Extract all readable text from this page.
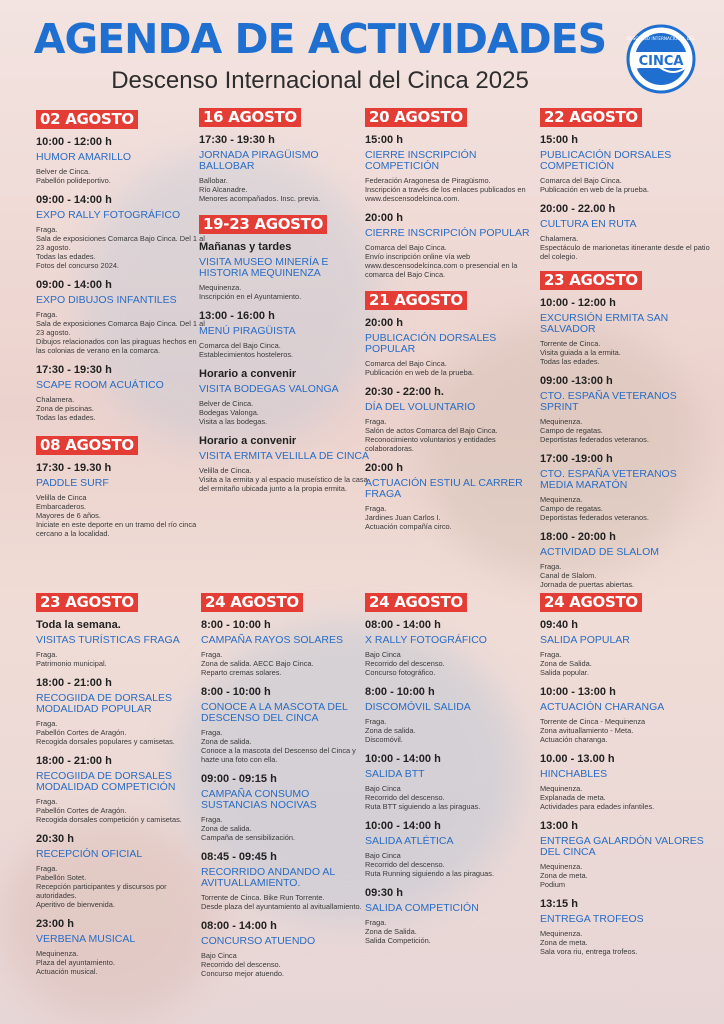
AGENDA DE ACTIVIDADES
Descenso Internacional del Cinca 2025
CINCA
DESCENSO INTERNACIONAL DEL
02 AGOSTO
10:00 - 12:00 h
HUMOR AMARILLO
Belver de Cinca.
Pabellón polideportivo.
09:00 - 14:00 h
EXPO RALLY FOTOGRÁFICO
Fraga.
Sala de exposiciones Comarca Bajo Cinca. Del 1 al 23 agosto.
Todas las edades.
Fotos del concurso 2024.
09:00 - 14:00 h
EXPO DIBUJOS INFANTILES
Fraga.
Sala de exposiciones Comarca Bajo Cinca. Del 1 al 23 agosto.
Dibujos relacionados con las piraguas hechos en las colonias de verano en la comarca.
17:30 - 19:30 h
SCAPE ROOM ACUÁTICO
Chalamera.
Zona de piscinas.
Todas las edades.
08 AGOSTO
17:30 - 19.30 h
PADDLE SURF
Velilla de Cinca
Embarcaderos.
Mayores de 6 años.
Iniciate en este deporte en un tramo del río cinca cercano a la localidad.
16 AGOSTO
17:30 - 19:30 h
JORNADA PIRAGÜISMO BALLOBAR
Ballobar.
Río Alcanadre.
Menores acompañados. Insc. previa.
19-23 AGOSTO
Mañanas y tardes
VISITA MUSEO MINERÍA E HISTORIA MEQUINENZA
Mequinenza.
Inscripción en el Ayuntamiento.
13:00 - 16:00 h
MENÚ PIRAGÜISTA
Comarca del Bajo Cinca.
Establecimientos hosteleros.
Horario a convenir
VISITA BODEGAS VALONGA
Belver de Cinca.
Bodegas Valonga.
Visita a las bodegas.
Horario a convenir
VISITA ERMITA VELILLA DE CINCA
Velilla de Cinca.
Visita a la ermita y al espacio museístico de la casa del ermitaño ubicada junto a la propia ermita.
20 AGOSTO
15:00 h
CIERRE INSCRIPCIÓN COMPETICIÓN
Federación Aragonesa de Piragüismo.
Inscripción a través de los enlaces publicados en
www.descensodelcinca.com.
20:00 h
CIERRE INSCRIPCIÓN POPULAR
Comarca del Bajo Cinca.
Envío inscripción online vía web www.descensodelcinca.com o presencial en la comarca del Bajo Cinca.
21 AGOSTO
20:00 h
PUBLICACIÓN DORSALES POPULAR
Comarca del Bajo Cinca.
Publicación en web de la prueba.
20:30 - 22:00 h.
DÍA DEL VOLUNTARIO
Fraga.
Salón de actos Comarca del Bajo Cinca.
Reconocimiento voluntarios y entidades colaboradoras.
20:00 h
ACTUACIÓN ESTIU AL CARRER FRAGA
Fraga.
Jardines Juan Carlos I.
Actuación compañía circo.
22 AGOSTO
15:00 h
PUBLICACIÓN DORSALES COMPETICIÓN
Comarca del Bajo Cinca.
Publicación en web de la prueba.
20:00 - 22.00 h
CULTURA EN RUTA
Chalamera.
Espectáculo de marionetas itinerante desde el patio del colegio.
23 AGOSTO
10:00 - 12:00 h
EXCURSIÓN ERMITA SAN SALVADOR
Torrente de Cinca.
Visita guiada a la ermita.
Todas las edades.
09:00 -13:00 h
CTO. ESPAÑA VETERANOS SPRINT
Mequinenza.
Campo de regatas.
Deportistas federados veteranos.
17:00 -19:00 h
CTO. ESPAÑA VETERANOS MEDIA MARATÓN
Mequinenza.
Campo de regatas.
Deportistas federados veteranos.
18:00 - 20:00 h
ACTIVIDAD DE SLALOM
Fraga.
Canal de Slalom.
Jornada de puertas abiertas.
23 AGOSTO
Toda la semana.
VISITAS TURÍSTICAS FRAGA
Fraga.
Patrimonio municipal.
18:00 - 21:00 h
RECOGIIDA DE DORSALES MODALIDAD POPULAR
Fraga.
Pabellón Cortes de Aragón.
Recogida dorsales populares y camisetas.
18:00 - 21:00 h
RECOGIIDA DE DORSALES MODALIDAD COMPETICIÓN
Fraga.
Pabellón Cortes de Aragón.
Recogida dorsales competición y camisetas.
20:30 h
RECEPCIÓN OFICIAL
Fraga.
Pabellón Sotet.
Recepción participantes y discursos por autoridades.
Aperitivo de bienvenida.
23:00 h
VERBENA MUSICAL
Mequinenza.
Plaza del ayuntamiento.
Actuación musical.
24 AGOSTO
8:00 - 10:00 h
CAMPAÑA RAYOS SOLARES
Fraga.
Zona de salida. AECC Bajo Cinca.
Reparto cremas solares.
8:00 - 10:00 h
CONOCE A LA MASCOTA DEL DESCENSO DEL CINCA
Fraga.
Zona de salida.
Conoce a la mascota del Descenso del Cinca y hazte una foto con ella.
09:00 - 09:15 h
CAMPAÑA CONSUMO SUSTANCIAS NOCIVAS
Fraga.
Zona de salida.
Campaña de sensibilización.
08:45 - 09:45 h
RECORRIDO ANDANDO AL AVITUALLAMIENTO.
Torrente de Cinca. Bike Run Torrente.
Desde plaza del ayuntamiento al avituallamiento.
08:00 - 14:00 h
CONCURSO ATUENDO
Bajo Cinca
Recorrido del descenso.
Concurso mejor atuendo.
24 AGOSTO
08:00 - 14:00 h
X RALLY FOTOGRÁFICO
Bajo Cinca
Recorrido del descenso.
Concurso fotográfico.
8:00 - 10:00 h
DISCOMÓVIL SALIDA
Fraga.
Zona de salida.
Discomóvil.
10:00 - 14:00 h
SALIDA BTT
Bajo Cinca
Recorrido del descenso.
Ruta BTT siguiendo a las piraguas.
10:00 - 14:00 h
SALIDA ATLÉTICA
Bajo Cinca
Recorrido del descenso.
Ruta Running siguiendo a las piraguas.
09:30 h
SALIDA COMPETICIÓN
Fraga.
Zona de Salida.
Salida Competición.
24 AGOSTO
09:40 h
SALIDA POPULAR
Fraga.
Zona de Salida.
Salida popular.
10:00 - 13:00 h
ACTUACIÓN CHARANGA
Torrente de Cinca - Mequinenza
Zona avituallamiento - Meta.
Actuación charanga.
10.00 - 13.00 h
HINCHABLES
Mequinenza.
Explanada de meta.
Actividades para edades infantiles.
13:00 h
ENTREGA GALARDÓN VALORES DEL CINCA
Mequinenza.
Zona de meta.
Podium
13:15 h
ENTREGA TROFEOS
Mequinenza.
Zona de meta.
Sala vora riu, entrega trofeos.
